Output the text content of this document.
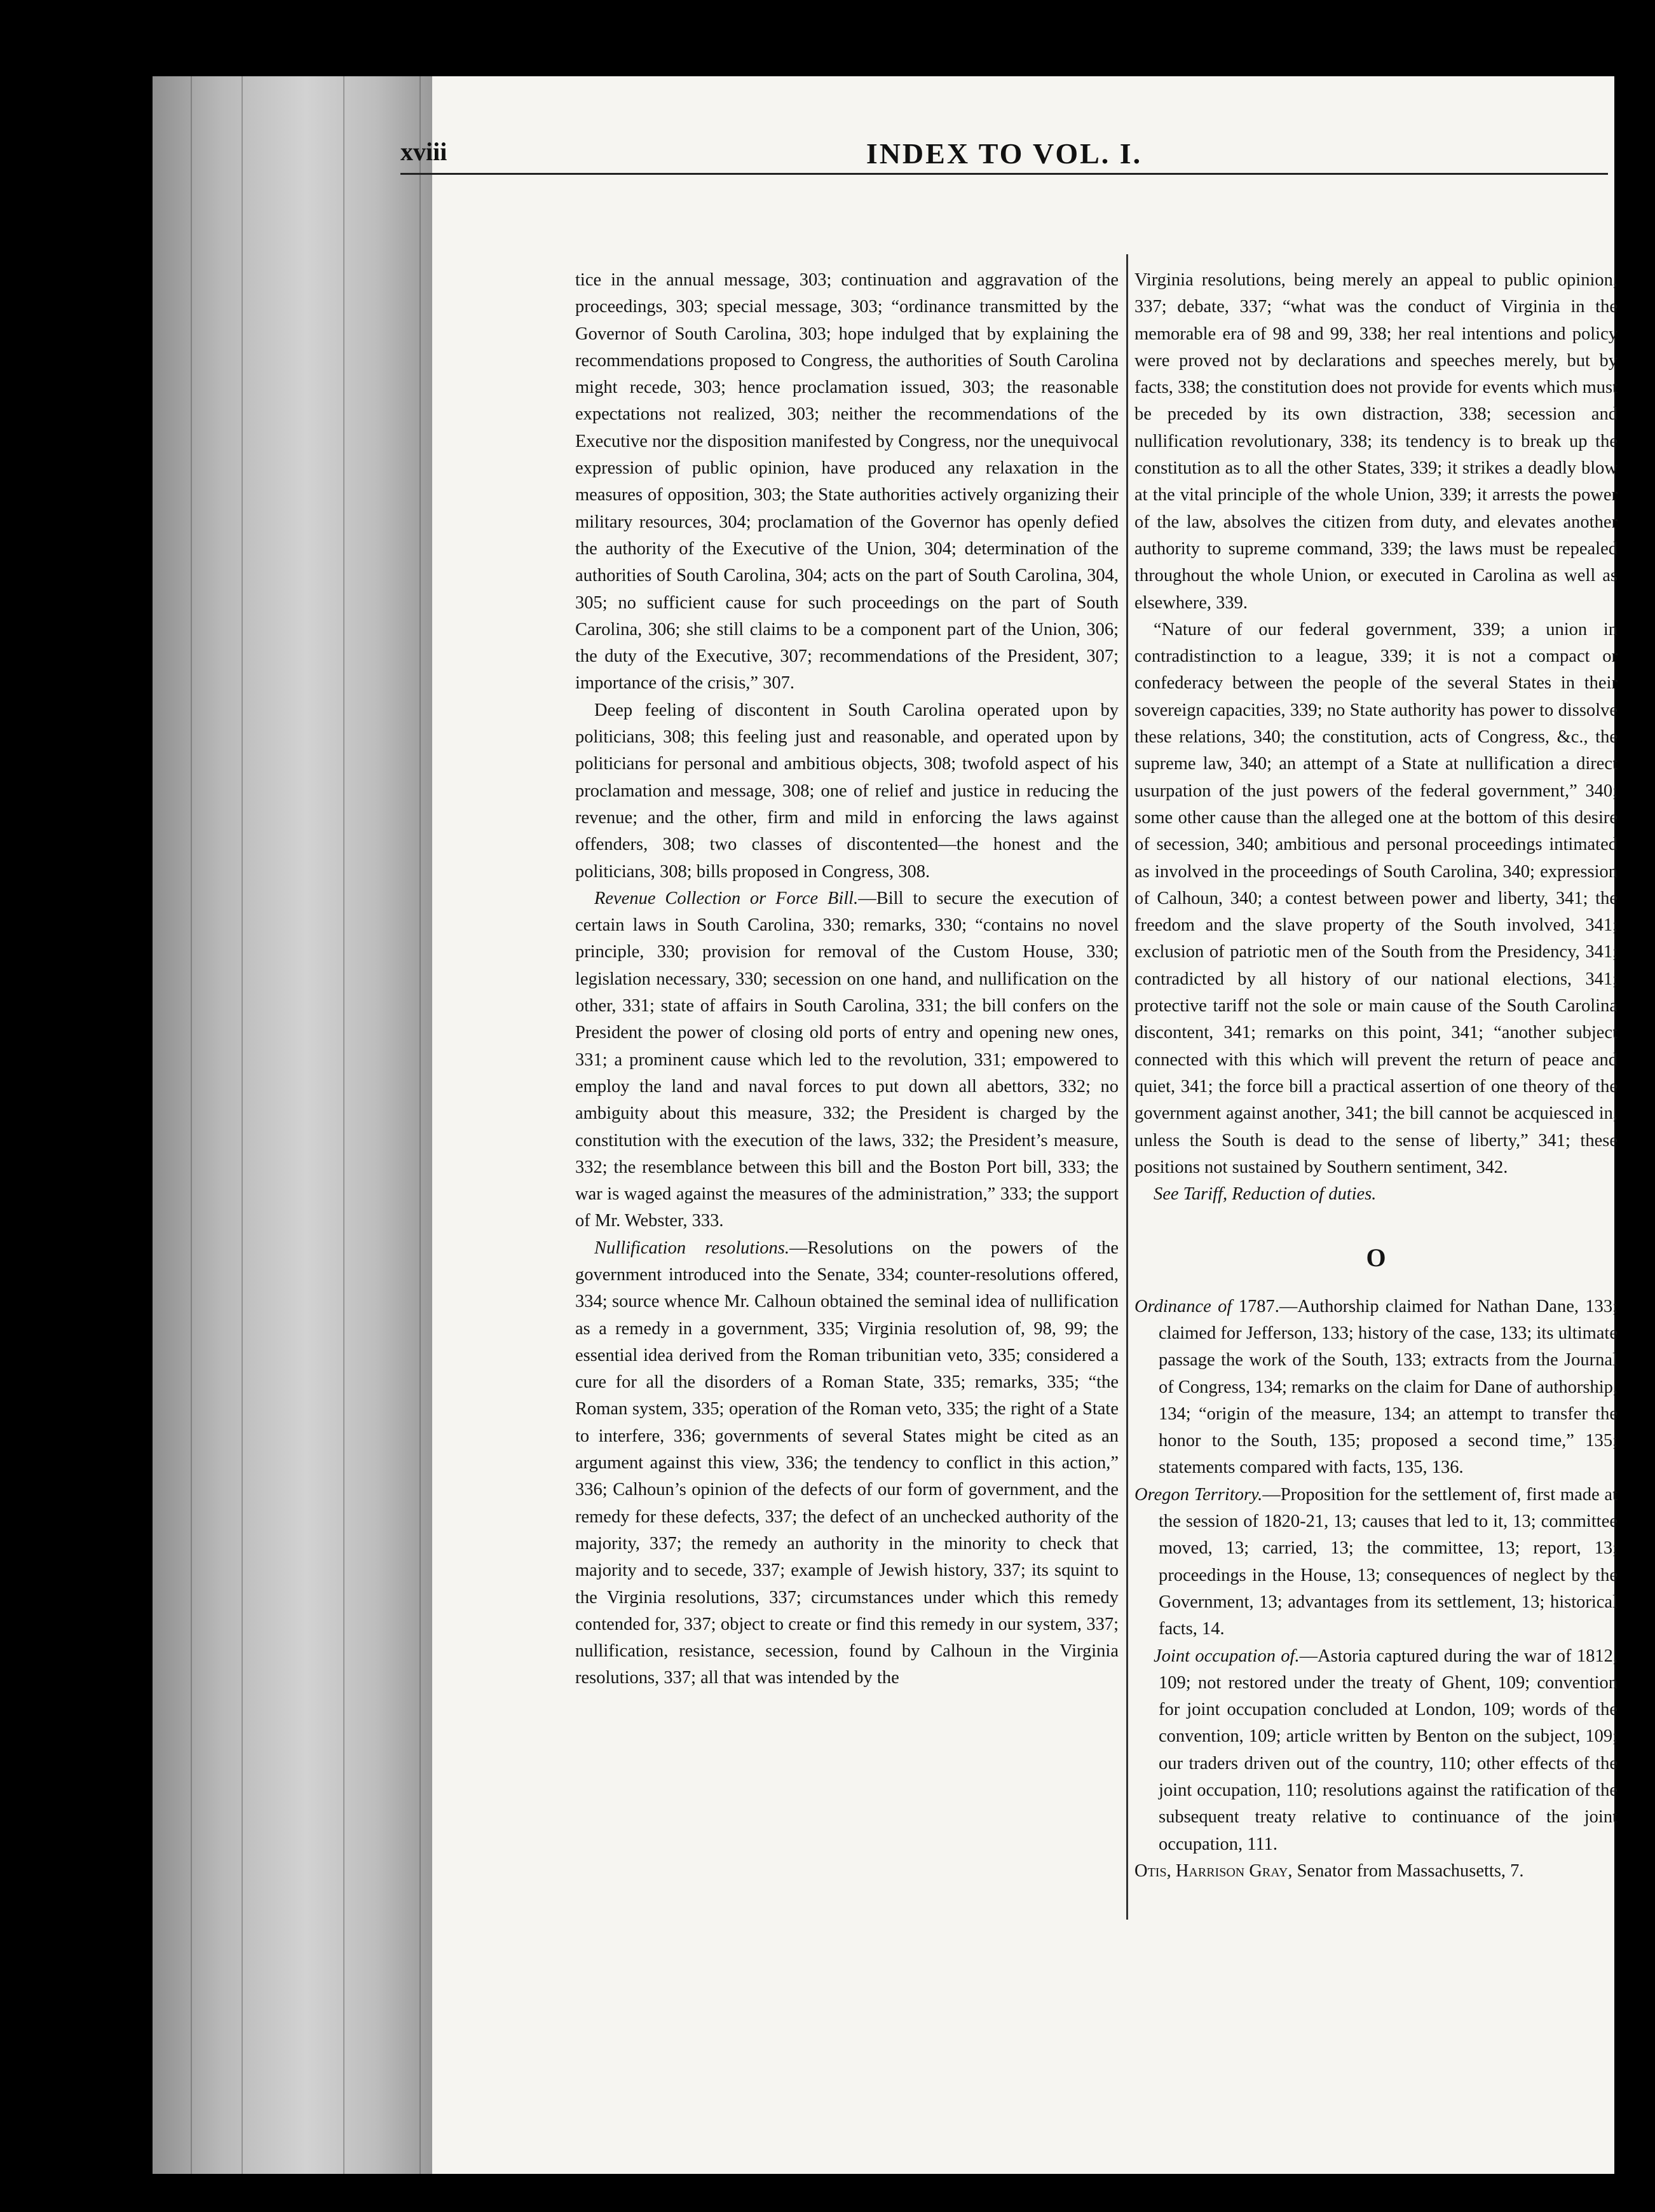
xviii	INDEX TO VOL. I.

tice in the annual message, 303; continuation and aggravation of the proceedings, 303; special message, 303; “ordinance transmitted by the Governor of South Carolina, 303; hope indulged that by explaining the recommendations proposed to Congress, the authorities of South Carolina might recede, 303; hence proclamation issued, 303; the reasonable expectations not realized, 303; neither the recommendations of the Executive nor the disposition manifested by Congress, nor the unequivocal expression of public opinion, have produced any relaxation in the measures of opposition, 303; the State authorities actively organizing their military resources, 304; proclamation of the Governor has openly defied the authority of the Executive of the Union, 304; determination of the authorities of South Carolina, 304; acts on the part of South Carolina, 304, 305; no sufficient cause for such proceedings on the part of South Carolina, 306; she still claims to be a component part of the Union, 306; the duty of the Executive, 307; recommendations of the President, 307; importance of the crisis,” 307.

Deep feeling of discontent in South Carolina operated upon by politicians, 308; this feeling just and reasonable, and operated upon by politicians for personal and ambitious objects, 308; twofold aspect of his proclamation and message, 308; one of relief and justice in reducing the revenue; and the other, firm and mild in enforcing the laws against offenders, 308; two classes of discontented—the honest and the politicians, 308; bills proposed in Congress, 308.

Revenue Collection or Force Bill.—Bill to secure the execution of certain laws in South Carolina, 330; remarks, 330; “contains no novel principle, 330; provision for removal of the Custom House, 330; legislation necessary, 330; secession on one hand, and nullification on the other, 331; state of affairs in South Carolina, 331; the bill confers on the President the power of closing old ports of entry and opening new ones, 331; a prominent cause which led to the revolution, 331; empowered to employ the land and naval forces to put down all abettors, 332; no ambiguity about this measure, 332; the President is charged by the constitution with the execution of the laws, 332; the President’s measure, 332; the resemblance between this bill and the Boston Port bill, 333; the war is waged against the measures of the administration,” 333; the support of Mr. Webster, 333.

Nullification resolutions.—Resolutions on the powers of the government introduced into the Senate, 334; counter-resolutions offered, 334; source whence Mr. Calhoun obtained the seminal idea of nullification as a remedy in a government, 335; Virginia resolution of, 98, 99; the essential idea derived from the Roman tribunitian veto, 335; considered a cure for all the disorders of a Roman State, 335; remarks, 335; “the Roman system, 335; operation of the Roman veto, 335; the right of a State to interfere, 336; governments of several States might be cited as an argument against this view, 336; the tendency to conflict in this action,” 336; Calhoun’s opinion of the defects of our form of government, and the remedy for these defects, 337; the defect of an unchecked authority of the majority, 337; the remedy an authority in the minority to check that majority and to secede, 337; example of Jewish history, 337; its squint to the Virginia resolutions, 337; circumstances under which this remedy contended for, 337; object to create or find this remedy in our system, 337; nullification, resistance, secession, found by Calhoun in the Virginia resolutions, 337; all that was intended by the

Virginia resolutions, being merely an appeal to public opinion, 337; debate, 337; “what was the conduct of Virginia in the memorable era of 98 and 99, 338; her real intentions and policy were proved not by declarations and speeches merely, but by facts, 338; the constitution does not provide for events which must be preceded by its own distraction, 338; secession and nullification revolutionary, 338; its tendency is to break up the constitution as to all the other States, 339; it strikes a deadly blow at the vital principle of the whole Union, 339; it arrests the power of the law, absolves the citizen from duty, and elevates another authority to supreme command, 339; the laws must be repealed throughout the whole Union, or executed in Carolina as well as elsewhere, 339.

“Nature of our federal government, 339; a union in contradistinction to a league, 339; it is not a compact or confederacy between the people of the several States in their sovereign capacities, 339; no State authority has power to dissolve these relations, 340; the constitution, acts of Congress, &c., the supreme law, 340; an attempt of a State at nullification a direct usurpation of the just powers of the federal government,” 340; some other cause than the alleged one at the bottom of this desire of secession, 340; ambitious and personal proceedings intimated as involved in the proceedings of South Carolina, 340; expression of Calhoun, 340; a contest between power and liberty, 341; the freedom and the slave property of the South involved, 341; exclusion of patriotic men of the South from the Presidency, 341; contradicted by all history of our national elections, 341; protective tariff not the sole or main cause of the South Carolina discontent, 341; remarks on this point, 341; “another subject connected with this which will prevent the return of peace and quiet, 341; the force bill a practical assertion of one theory of the government against another, 341; the bill cannot be acquiesced in, unless the South is dead to the sense of liberty,” 341; these positions not sustained by Southern sentiment, 342.

See Tariff, Reduction of duties.

O

Ordinance of 1787.—Authorship claimed for Nathan Dane, 133; claimed for Jefferson, 133; history of the case, 133; its ultimate passage the work of the South, 133; extracts from the Journal of Congress, 134; remarks on the claim for Dane of authorship, 134; “origin of the measure, 134; an attempt to transfer the honor to the South, 135; proposed a second time,” 135; statements compared with facts, 135, 136.

Oregon Territory.—Proposition for the settlement of, first made at the session of 1820-21, 13; causes that led to it, 13; committee moved, 13; carried, 13; the committee, 13; report, 13; proceedings in the House, 13; consequences of neglect by the Government, 13; advantages from its settlement, 13; historical facts, 14.

Joint occupation of.—Astoria captured during the war of 1812, 109; not restored under the treaty of Ghent, 109; convention for joint occupation concluded at London, 109; words of the convention, 109; article written by Benton on the subject, 109; our traders driven out of the country, 110; other effects of the joint occupation, 110; resolutions against the ratification of the subsequent treaty relative to continuance of the joint occupation, 111.

Otis, Harrison Gray, Senator from Massachusetts, 7.
